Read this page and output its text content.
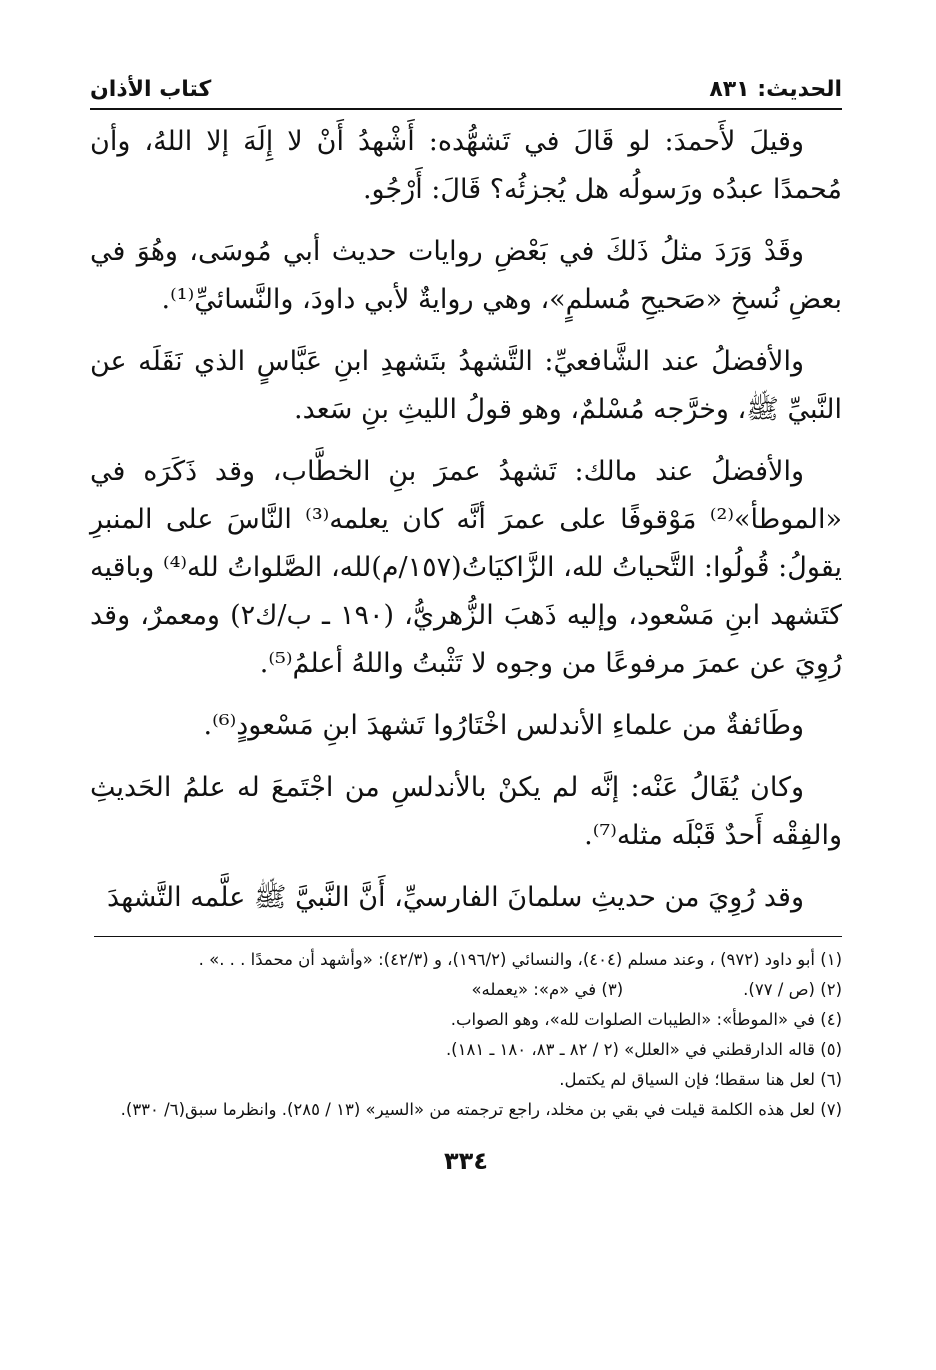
الحديث: ٨٣١
كتاب الأذان

وقيلَ لأَحمدَ: لو قَالَ في تَشهُّده: أَشْهدُ أَنْ لا إِلَهَ إلا اللهُ، وأن مُحمدًا عبدُه ورَسولُه هل يُجزئُه؟ قَالَ: أَرْجُو.

وقَدْ وَرَدَ مثلُ ذَلكَ في بَعْضِ روايات حديث أبي مُوسَى، وهُوَ في بعضِ نُسخِ «صَحيحِ مُسلمٍ»، وهي روايةٌ لأبي داودَ، والنَّسائيِّ⁽¹⁾.

والأفضلُ عند الشَّافعيِّ: التَّشهدُ بتَشهدِ ابنِ عَبَّاسٍ الذي نَقَلَه عن النَّبيِّ ﷺ، وخرَّجه مُسْلمٌ، وهو قولُ الليثِ بنِ سَعد.

والأفضلُ عند مالك: تَشهدُ عمرَ بنِ الخطَّاب، وقد ذَكَرَه في «الموطأ»⁽²⁾ مَوْقوفًا على عمرَ أنَّه كان يعلمه⁽³⁾ النَّاسَ على المنبرِ يقولُ: قُولُوا: التَّحياتُ لله، الزَّاكيَاتُ(١٥٧/م)لله، الصَّلواتُ لله⁽⁴⁾ وباقيه كتَشهد ابنِ مَسْعود، وإليه ذَهبَ الزُّهريُّ، (١٩٠ ـ ب/ك٢) ومعمرٌ، وقد رُوِيَ عن عمرَ مرفوعًا من وجوه لا تَثْبتُ واللهُ أعلمُ⁽⁵⁾.

وطَائفةٌ من علماءِ الأندلس اخْتَارُوا تَشهدَ ابنِ مَسْعودٍ⁽⁶⁾.

وكان يُقَالُ عَنْه: إنَّه لم يكنْ بالأندلسِ من اجْتَمعَ له علمُ الحَديثِ والفِقْه أَحدٌ قَبْلَه مثله⁽⁷⁾.

وقد رُوِيَ من حديثِ سلمانَ الفارسيِّ، أَنَّ النَّبيَّ ﷺ علَّمه التَّشهدَ

(١) أبو داود (٩٧٢) ، وعند مسلم (٤٠٤)، والنسائي (١٩٦/٢)، و (٤٢/٣): «وأشهد أن محمدًا . . .» .

(٢) (ص / ٧٧).

(٣) في «م»: «يعمله»

(٤) في «الموطأ»: «الطيبات الصلوات لله»، وهو الصواب.

(٥) قاله الدارقطني في «العلل» (٢ / ٨٢ ـ ٨٣، ١٨٠ ـ ١٨١).

(٦) لعل هنا سقطا؛ فإن السياق لم يكتمل.

(٧) لعل هذه الكلمة قيلت في بقي بن مخلد، راجع ترجمته من «السير» (١٣ / ٢٨٥). وانظرما سبق(٦/ ٣٣٠).

٣٣٤
